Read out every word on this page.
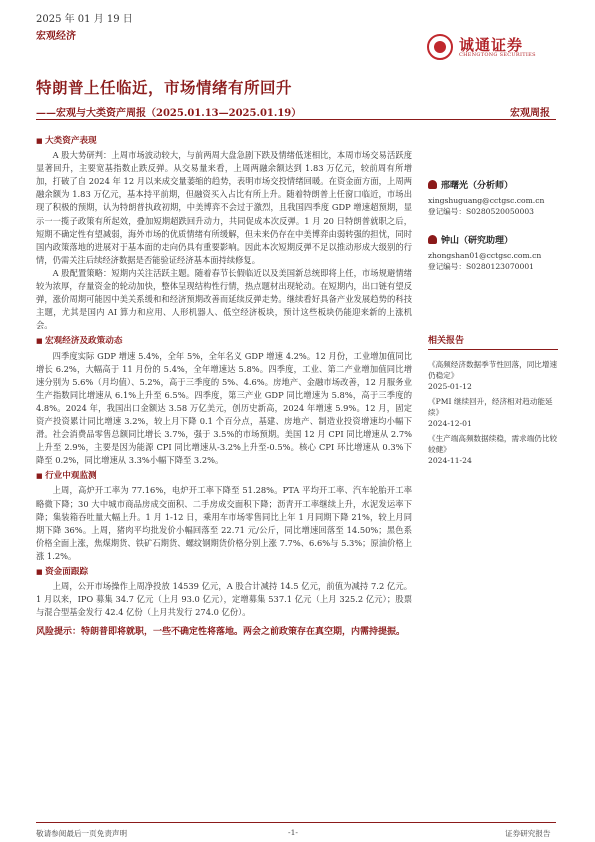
2025 年 01 月 19 日
宏观经济	诚通证券
CHENGTONG SECURITIES
特朗普上任临近，市场情绪有所回升
——宏观与大类资产周报（2025.01.13—2025.01.19）	宏观周报
■ 大类资产表现

A 股大势研判：上周市场波动较大，与前两周大盘急剧下跌及情绪低迷相比，本周市场交易活跃度显著回升，主要宽基指数止跌反弹。从交易量来看，上周两融余额达到 1.83 万亿元，较前周有所增加，打破了自 2024 年 12 月以来成交量萎缩的趋势，表明市场交投情绪回暖。在资金面方面，上周两融余额为 1.83 万亿元，基本持平前期，但融资买入占比有所上升。随着特朗普上任窗口临近，市场出现了积极的预期，认为特朗普执政初期，中美博弈不会过于激烈，且我国四季度 GDP 增速超预期，显示一一揽子政策有所起效，叠加短期超跌回升动力，共同促成本次反弹。1 月 20 日特朗普就职之后，短期不确定性有望减弱，海外市场的优质情绪有所缓解，但未来仍存在中美博弈由弱转强的担忧，同时国内政策落地的进展对于基本面的走向仍具有重要影响。因此本次短期反弹不足以推动形成大级别的行情，仍需关注后续经济数据是否能验证经济基本面持续修复。

A 股配置策略：短期内关注活跃主题。随着春节长假临近以及美国新总统即将上任，市场规避情绪较为浓厚，存量资金的轮动加快，整体呈现结构性行情，热点题材出现轮动。在短期内，出口链有望反弹，涨价周期可能因中美关系缓和和经济预期改善而延续反弹走势。继续看好具备产业发展趋势的科技主题，尤其是国内 AI 算力和应用、人形机器人、低空经济板块，预计这些板块仍能迎来新的上涨机会。

■ 宏观经济及政策动态

四季度实际 GDP 增速 5.4%，全年 5%，全年名义 GDP 增速 4.2%。12 月份，工业增加值同比增长 6.2%，大幅高于 11 月份的 5.4%，全年增速达 5.8%。四季度，工业、第二产业增加值同比增速分别为 5.6%（月均值）、5.2%，高于三季度的 5%、4.6%。房地产、金融市场改善，12 月服务业生产指数同比增速从 6.1%上升至 6.5%。四季度，第三产业 GDP 同比增速为 5.8%，高于三季度的 4.8%。2024 年，我国出口金额达 3.58 万亿美元，创历史新高，2024 年增速 5.9%。12 月，固定资产投资累计同比增速 3.2%，较上月下降 0.1 个百分点，基建、房地产、制造业投资增速均小幅下滑。社会消费品零售总额同比增长 3.7%，强于 3.5%的市场预期。美国 12 月 CPI 同比增速从 2.7%上升至 2.9%，主要是因为能源 CPI 同比增速从-3.2%上升至-0.5%。核心 CPI 环比增速从 0.3%下降至 0.2%，同比增速从 3.3%小幅下降至 3.2%。

■ 行业中观监测

上周，高炉开工率为 77.16%，电炉开工率下降至 51.28%。PTA 平均开工率、汽车轮胎开工率略微下降；30 大中城市商品房成交面积、二手房成交面积下降；沥青开工率继续上升，水泥发运率下降；集装箱吞吐量大幅上升。1 月 1-12 日，乘用车市场零售同比上年 1 月同期下降 21%，较上月同期下降 36%。上周，猪肉平均批发价小幅回落至 22.71 元/公斤，同比增速回落至 14.50%；黑色系价格全面上涨，焦煤期货、铁矿石期货、螺纹钢期货价格分别上涨 7.7%、6.6%与 5.3%；原油价格上涨 1.2%。

■ 资金面跟踪

上周，公开市场操作上周净投放 14539 亿元，A 股合计减持 14.5 亿元，前值为减持 7.2 亿元。1 月以来，IPO 募集 34.7 亿元（上月 93.0 亿元），定增募集 537.1 亿元（上月 325.2 亿元）；股票与混合型基金发行 42.4 亿份（上月共发行 274.0 亿份）。

风险提示：特朗普即将就职，一些不确定性将落地。两会之前政策存在真空期，内需持提振。
邢曙光（分析师）
xingshuguang@cctgsc.com.cn
登记编号：S0280520050003
钟山（研究助理）
zhongshan01@cctgsc.com.cn
登记编号：S0280123070001
相关报告
《高频经济数据季节性回落，同比增速仍稳定》
2025-01-12
《PMI 继续回升，经济相对趋动能延续》
2024-12-01
《生产端高频数据续稳，需求端仍比较较健》
2024-11-24
敬请参阅最后一页免责声明	-1-	证券研究报告
